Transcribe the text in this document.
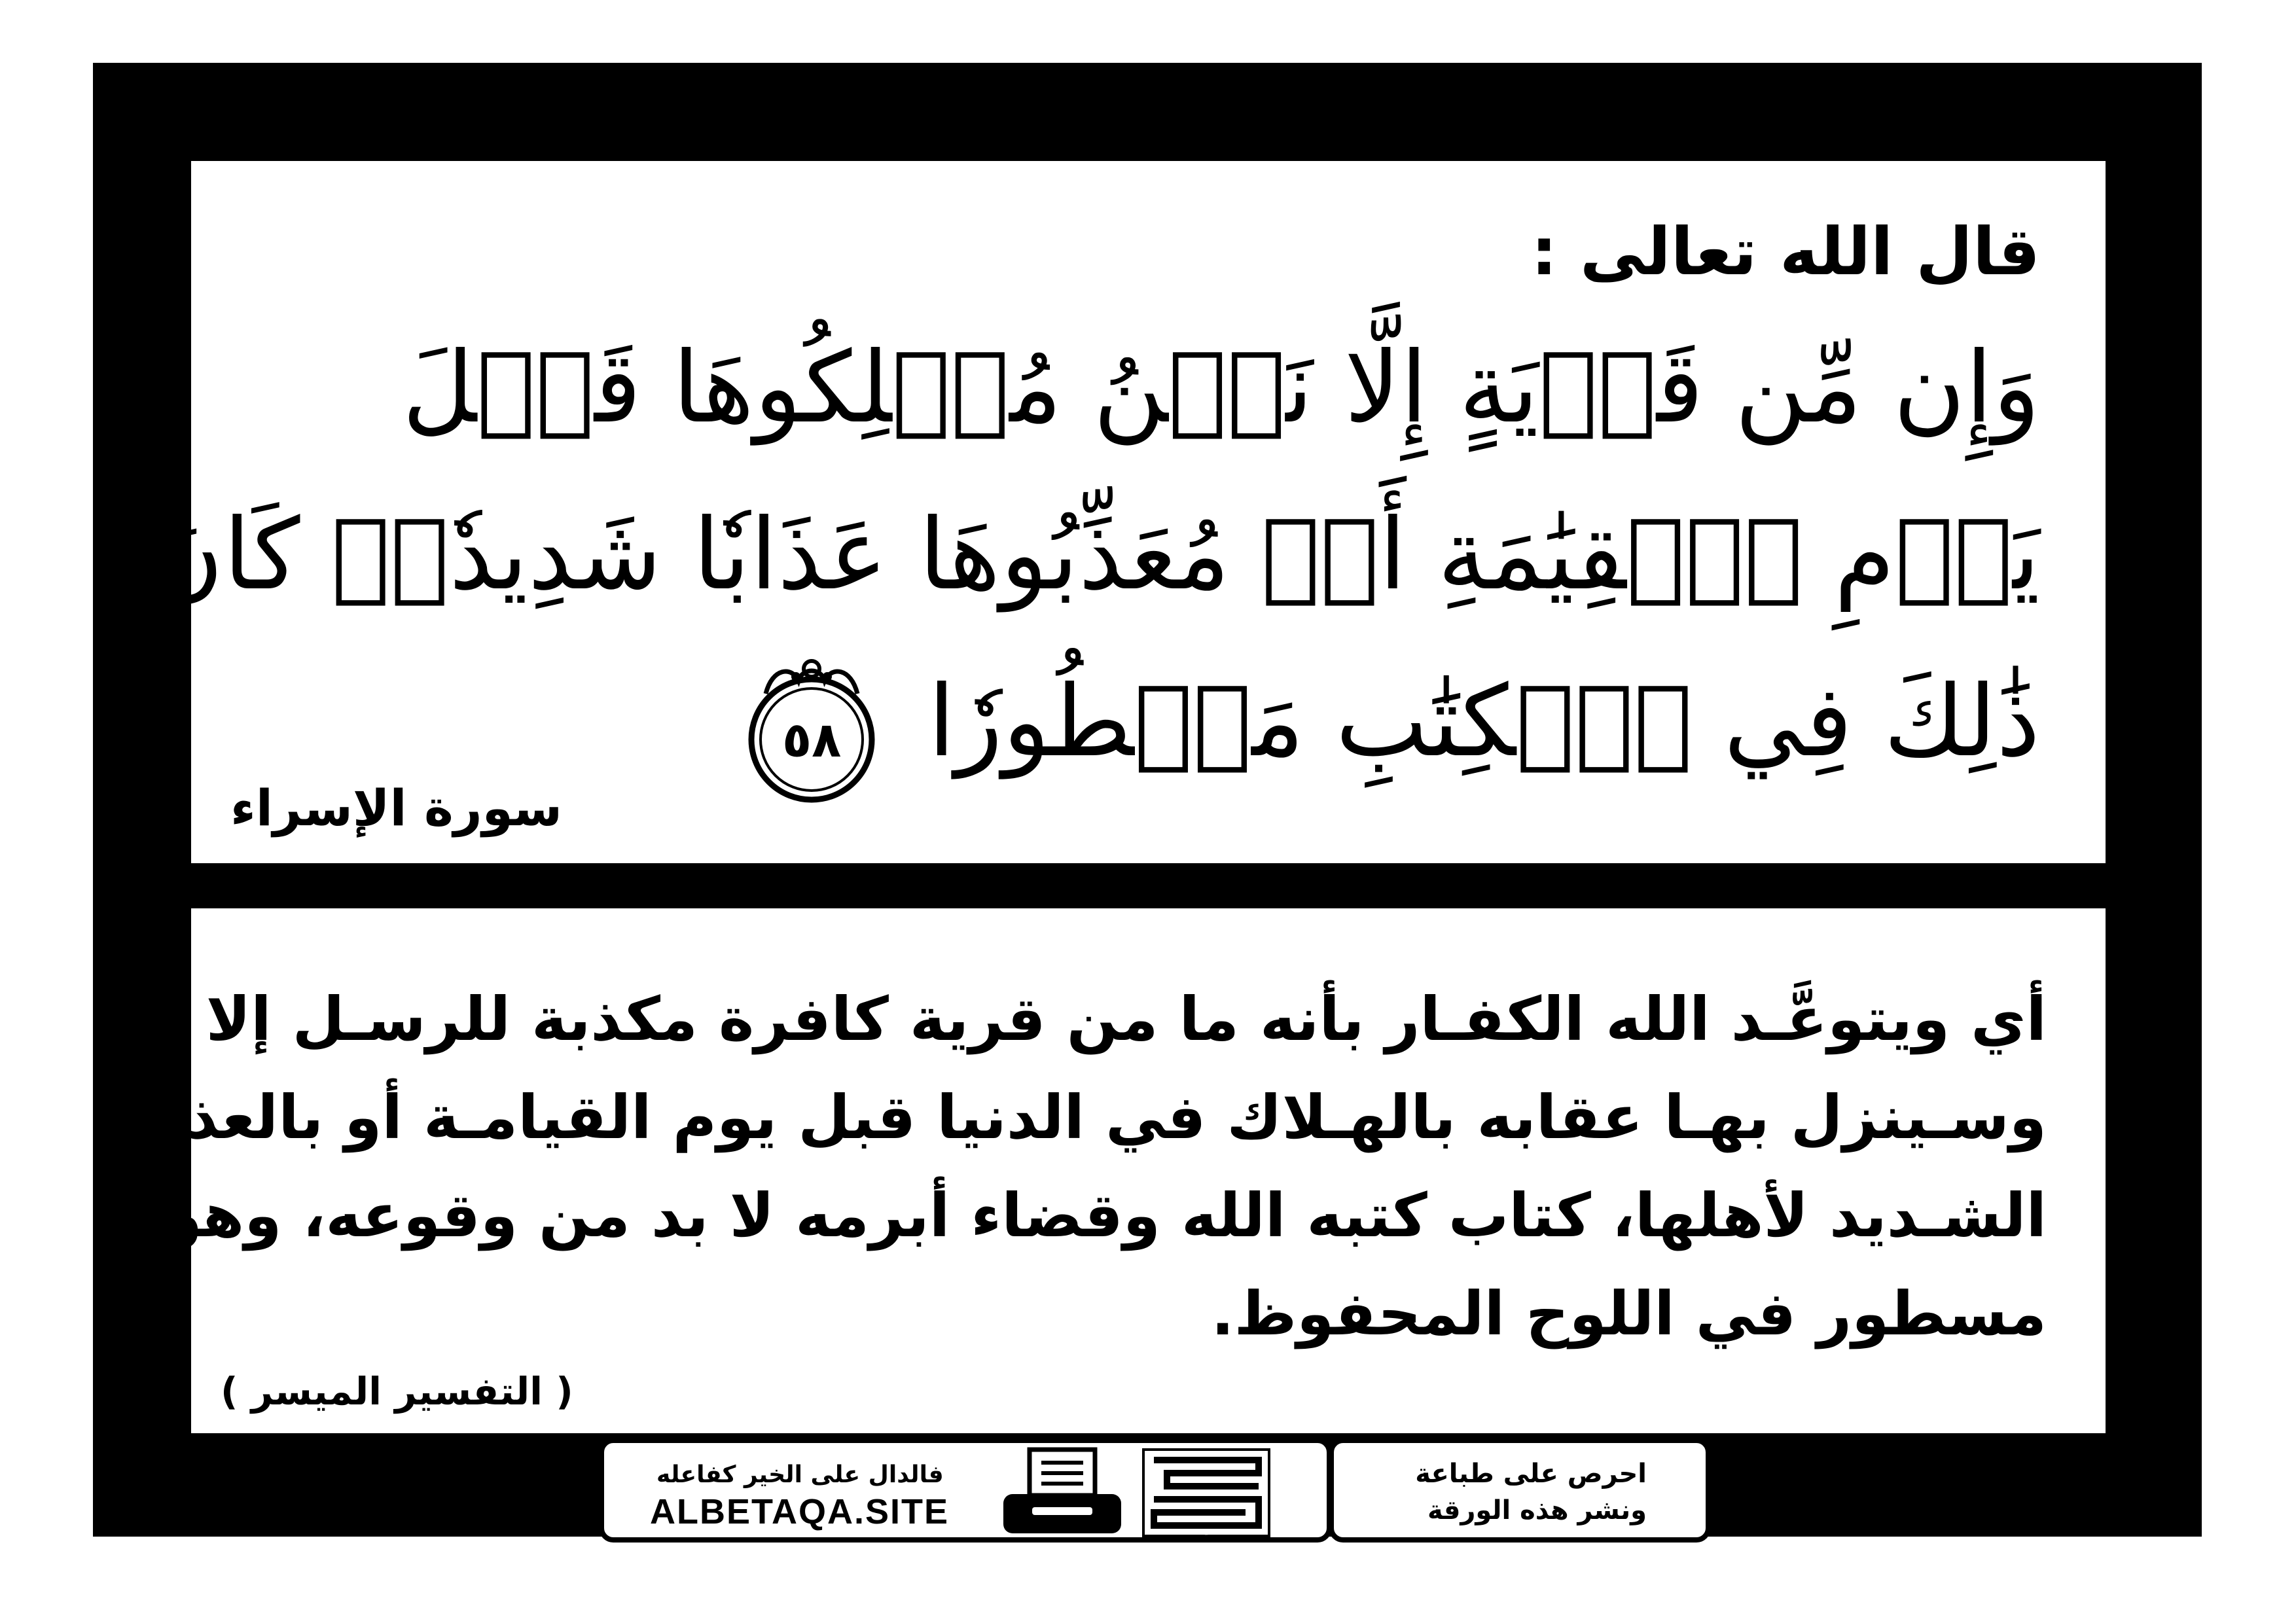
قال الله تعالى :
وَإِن مِّن قَرۡيَةٍ إِلَّا نَحۡنُ مُهۡلِكُوهَا قَبۡلَ
يَوۡمِ ٱلۡقِيَٰمَةِ أَوۡ مُعَذِّبُوهَا عَذَابٗا شَدِيدٗاۚ كَانَ
ذَٰلِكَ فِي ٱلۡكِتَٰبِ مَسۡطُورٗا
٥٨
سورة الإسراء
أي ويتوعَّـد الله الكفـار بأنه ما من قرية كافرة مكذبة للرسـل إلا
وسـينزل بهـا عقابه بالهـلاك في الدنيا قبل يوم القيامـة أو بالعذاب
الشـديد لأهلها، كتاب كتبه الله وقضاء أبرمه لا بد من وقوعه، وهو
مسطور في اللوح المحفوظ.
( التفسير الميسر )
فالدال على الخير كفاعله
ALBETAQA.SITE
دعوة الورقة
احرص على طباعة
ونشر هذه الورقة
